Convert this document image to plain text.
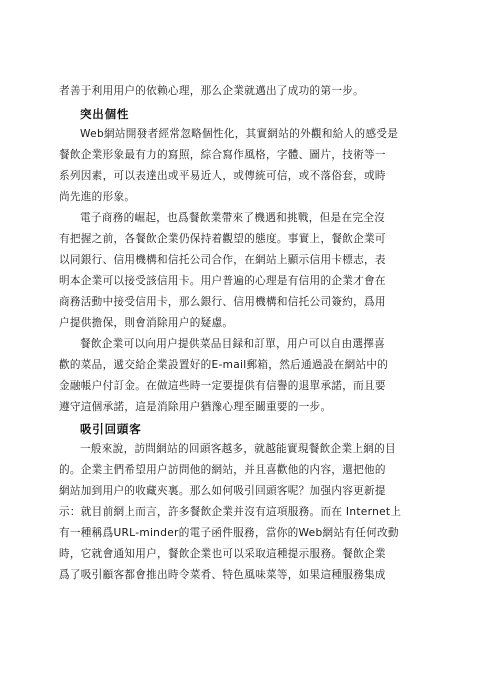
者善于利用用户的依赖心理，那么企業就邁出了成功的第一步。
突出個性
Web網站開發者經常忽略個性化，其實網站的外觀和給人的感受是
餐飲企業形象最有力的寫照，綜合寫作風格，字體、圖片，技術等一
系列因素，可以表達出或平易近人，或傳統可信，或不落俗套，或時
尚先進的形象。
電子商務的崛起，也爲餐飲業帶來了機遇和挑戰，但是在完全沒
有把握之前，各餐飲企業仍保持着觀望的態度。事實上，餐飲企業可
以同銀行、信用機構和信托公司合作，在網站上顯示信用卡標志，表
明本企業可以接受該信用卡。用户普遍的心理是有信用的企業才會在
商務活動中接受信用卡，那么銀行、信用機構和信托公司簽約，爲用
户提供擔保，則會消除用户的疑慮。
餐飲企業可以向用户提供菜品目録和訂單，用户可以自由選擇喜
歡的菜品，遞交給企業設置好的E-mail郵箱，然后通過設在網站中的
金融帳户付訂金。在做這些時一定要提供有信譽的退單承諾，而且要
遵守這個承諾，這是消除用户猶豫心理至關重要的一步。
吸引回頭客
一般來說，訪問網站的回頭客越多，就越能實現餐飲企業上網的目
的。企業主們希望用户訪問他的網站，并且喜歡他的内容，還把他的
網站加到用户的收藏夾裏。那么如何吸引回頭客呢？加强内容更新提
示：就目前網上而言，許多餐飲企業并沒有這項服務。而在 Internet上
有一種稱爲URL-minder的電子函件服務，當你的Web網站有任何改動
時，它就會通知用户，餐飲企業也可以采取這種提示服務。餐飲企業
爲了吸引顧客都會推出時令菜肴、特色風味菜等，如果這種服務集成
